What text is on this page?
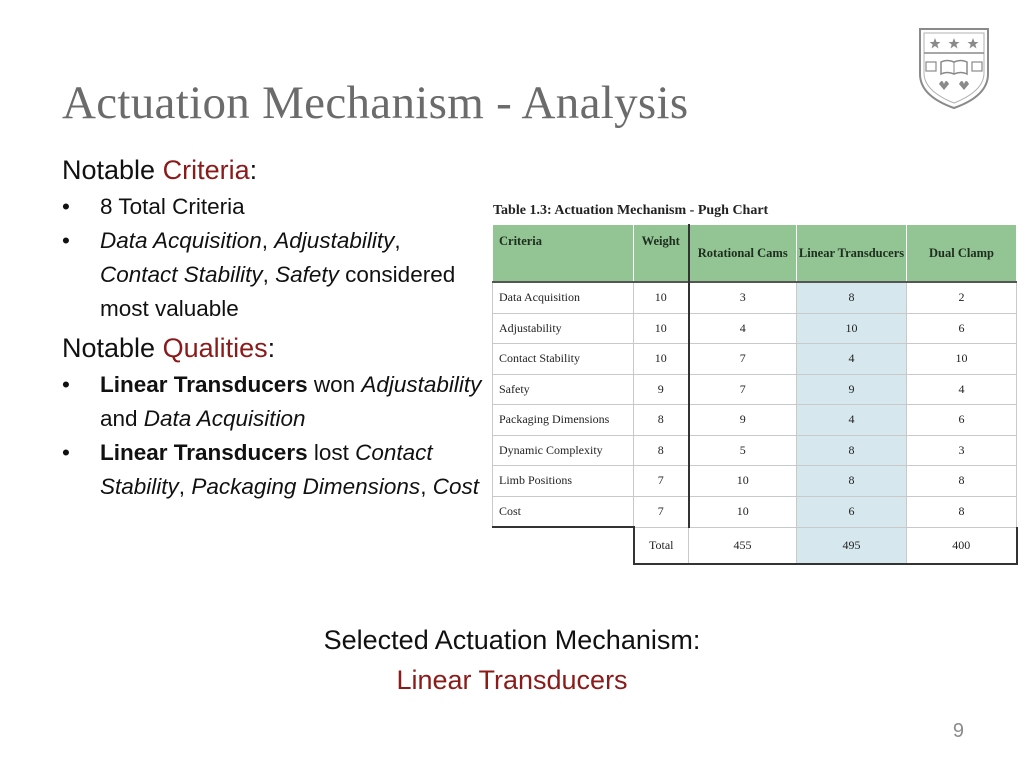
Actuation Mechanism - Analysis

Notable Criteria:

• 8 Total Criteria
• Data Acquisition, Adjustability, Contact Stability, Safety considered most valuable

Notable Qualities:

• Linear Transducers won Adjustability and Data Acquisition
• Linear Transducers lost Contact Stability, Packaging Dimensions, Cost
Table 1.3: Actuation Mechanism - Pugh Chart
Criteria	Weight	Rotational Cams	Linear Transducers	Dual Clamp
Data Acquisition	10	3	8	2
Adjustability	10	4	10	6
Contact Stability	10	7	4	10
Safety	9	7	9	4
Packaging Dimensions	8	9	4	6
Dynamic Complexity	8	5	8	3
Limb Positions	7	10	8	8
Cost	7	10	6	8
	Total	455	495	400
Selected Actuation Mechanism:
Linear Transducers
9
